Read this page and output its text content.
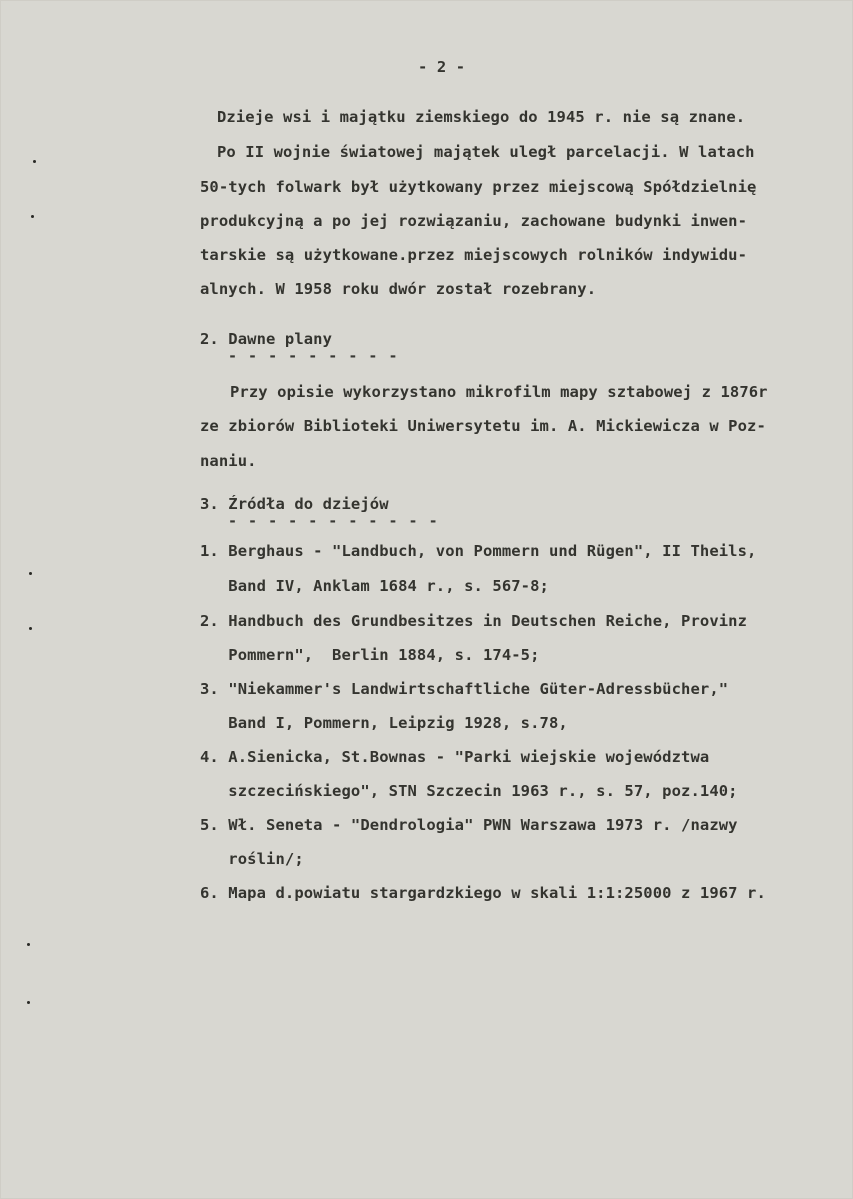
- 2 -
Dzieje wsi i majątku ziemskiego do 1945 r. nie są znane.
Po II wojnie światowej majątek uległ parcelacji. W latach
50-tych folwark był użytkowany przez miejscową Spółdzielnię
produkcyjną a po jej rozwiązaniu, zachowane budynki inwen-
tarskie są użytkowane.przez miejscowych rolników indywidu-
alnych. W 1958 roku dwór został rozebrany.
2. Dawne plany
- - - - - - - - -
Przy opisie wykorzystano mikrofilm mapy sztabowej z 1876r
ze zbiorów Biblioteki Uniwersytetu im. A. Mickiewicza w Poz-
naniu.
3. Źródła do dziejów
- - - - - - - - - - -
1. Berghaus - "Landbuch, von Pommern und Rügen", II Theils,
Band IV, Anklam 1684 r., s. 567-8;
2. Handbuch des Grundbesitzes in Deutschen Reiche, Provinz
Pommern",  Berlin 1884, s. 174-5;
3. "Niekammer's Landwirtschaftliche Güter-Adressbücher,"
Band I, Pommern, Leipzig 1928, s.78,
4. A.Sienicka, St.Bownas - "Parki wiejskie województwa
szczecińskiego", STN Szczecin 1963 r., s. 57, poz.140;
5. Wł. Seneta - "Dendrologia" PWN Warszawa 1973 r. /nazwy
roślin/;
6. Mapa d.powiatu stargardzkiego w skali 1:1:25000 z 1967 r.
